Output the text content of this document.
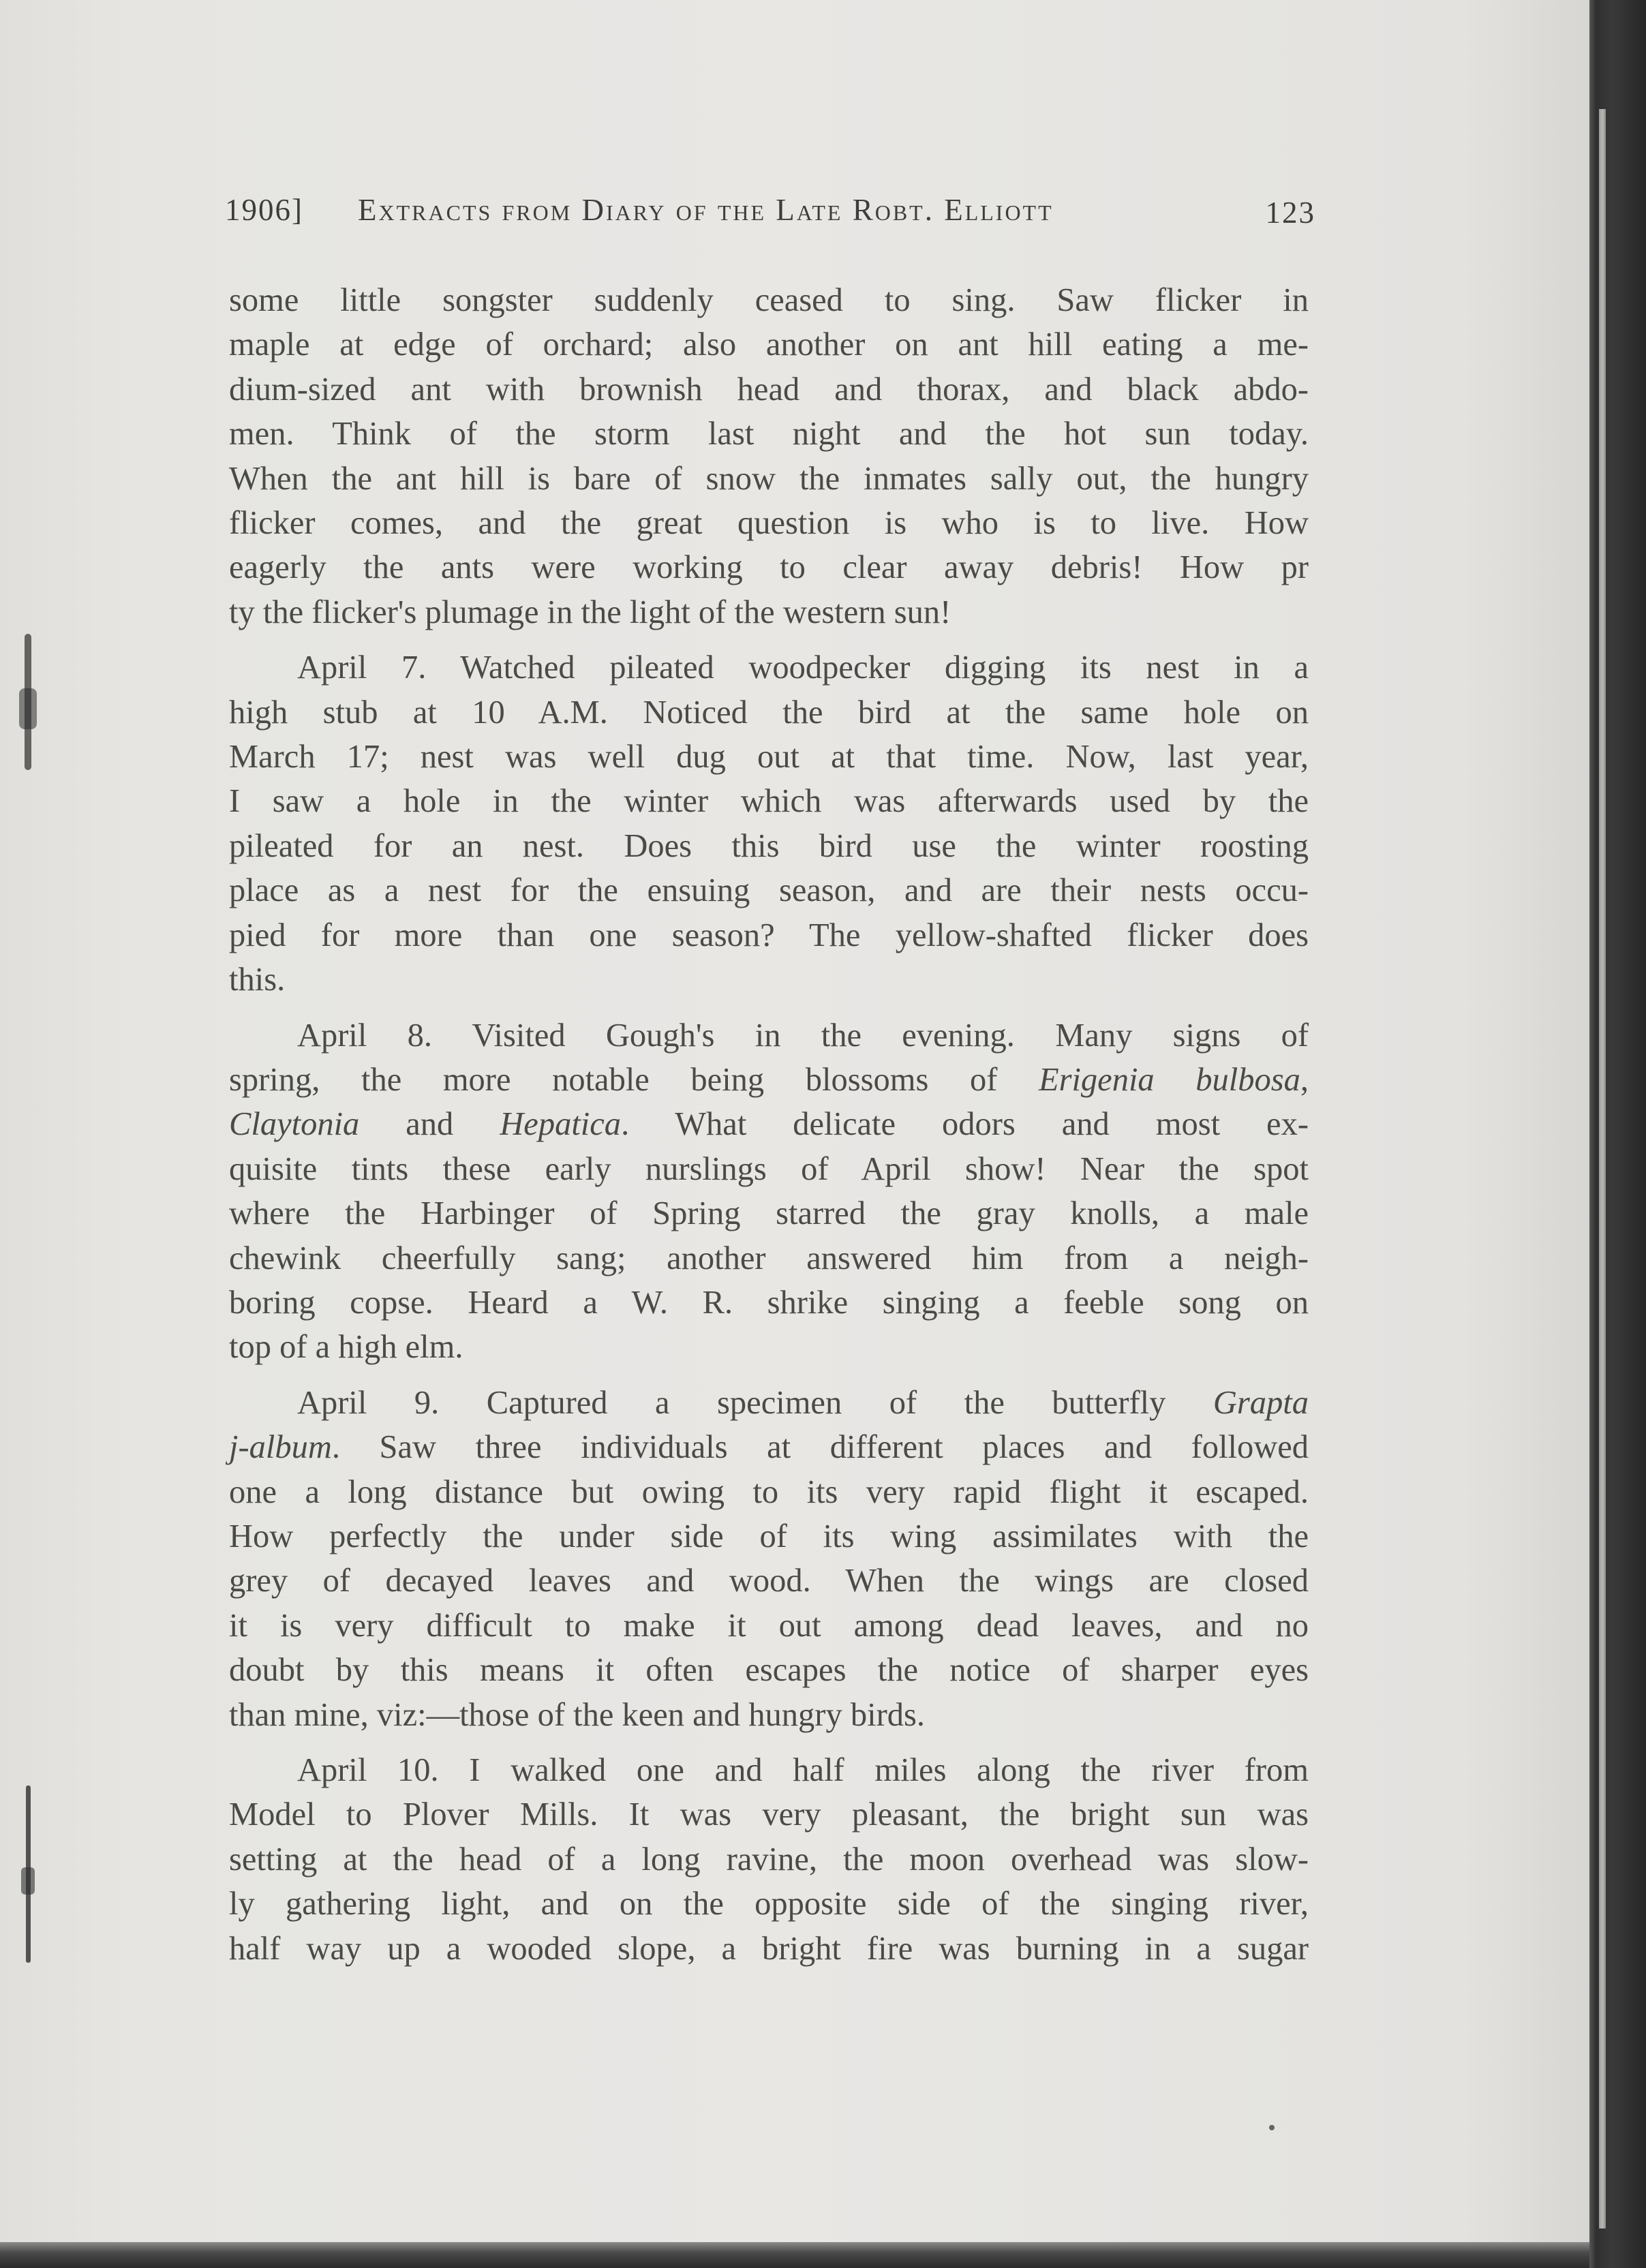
1906] Extracts from Diary of the Late Robt. Elliott	123
some little songster suddenly ceased to sing. Saw flicker in
maple at edge of orchard; also another on ant hill eating a me-
dium-sized ant with brownish head and thorax, and black abdo-
men. Think of the storm last night and the hot sun today.
When the ant hill is bare of snow the inmates sally out, the hungry
flicker comes, and the great question is who is to live. How
eagerly the ants were working to clear away debris! How pr
ty the flicker's plumage in the light of the western sun!
April 7. Watched pileated woodpecker digging its nest in a
high stub at 10 A.M. Noticed the bird at the same hole on
March 17; nest was well dug out at that time. Now, last year,
I saw a hole in the winter which was afterwards used by the
pileated for an nest. Does this bird use the winter roosting
place as a nest for the ensuing season, and are their nests occu-
pied for more than one season? The yellow-shafted flicker does
this.
April 8. Visited Gough's in the evening. Many signs of
spring, the more notable being blossoms of Erigenia bulbosa,
Claytonia and Hepatica. What delicate odors and most ex-
quisite tints these early nurslings of April show! Near the spot
where the Harbinger of Spring starred the gray knolls, a male
chewink cheerfully sang; another answered him from a neigh-
boring copse. Heard a W. R. shrike singing a feeble song on
top of a high elm.
April 9. Captured a specimen of the butterfly Grapta
j-album. Saw three individuals at different places and followed
one a long distance but owing to its very rapid flight it escaped.
How perfectly the under side of its wing assimilates with the
grey of decayed leaves and wood. When the wings are closed
it is very difficult to make it out among dead leaves, and no
doubt by this means it often escapes the notice of sharper eyes
than mine, viz:—those of the keen and hungry birds.
April 10. I walked one and half miles along the river from
Model to Plover Mills. It was very pleasant, the bright sun was
setting at the head of a long ravine, the moon overhead was slow-
ly gathering light, and on the opposite side of the singing river,
half way up a wooded slope, a bright fire was burning in a sugar
